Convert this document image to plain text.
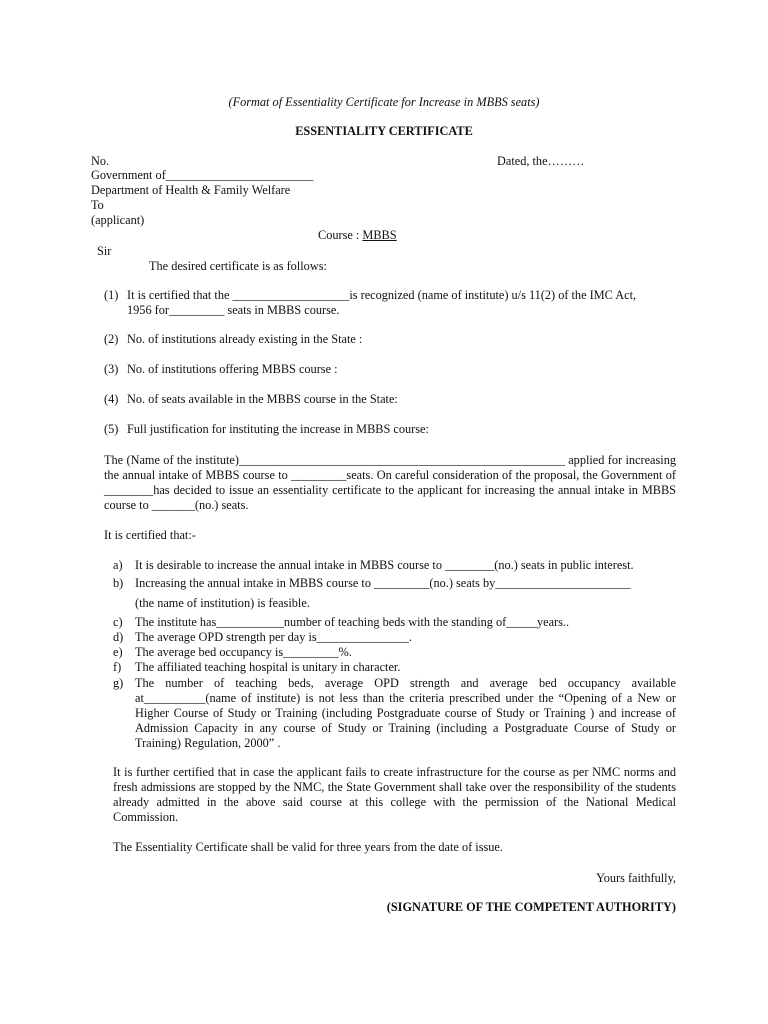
(Format of Essentiality Certificate for Increase in MBBS seats)
ESSENTIALITY CERTIFICATE
No.	Dated, the………
Government of________________________
Department of Health & Family Welfare
To
(applicant)
Course : MBBS
Sir
The desired certificate is as follows:
(1) It is certified that the ___________________is recognized (name of institute) u/s 11(2) of the IMC Act,
1956 for_________ seats in MBBS course.
(2) No. of institutions already existing in the State :
(3) No. of institutions offering MBBS course :
(4) No. of seats available in the MBBS course in the State:
(5) Full justification for instituting the increase in MBBS course:
The (Name of the institute)_____________________________________________________ applied for increasing the annual intake of MBBS course to _________seats. On careful consideration of the proposal, the Government of ________has decided to issue an essentiality certificate to the applicant for increasing the annual intake in MBBS course to _______(no.) seats.
It is certified that:-
a)	It is desirable to increase the annual intake in MBBS course to ________(no.) seats in public interest.
b) Increasing the annual intake in MBBS course to _________(no.) seats by______________________
(the name of institution) is feasible.
c)	The institute has___________number of teaching beds with the standing of_____years..
d) The average OPD strength per day is_______________.
e)	The average bed occupancy is_________%.
f)	The affiliated teaching hospital is unitary in character.
g) The number of teaching beds, average OPD strength and average bed occupancy available at__________(name of institute) is not less than the criteria prescribed under the “Opening of a New or Higher Course of Study or Training (including Postgraduate course of Study or Training ) and increase of Admission Capacity in any course of Study or Training (including a Postgraduate Course of Study or Training) Regulation, 2000” .
It is further certified that in case the applicant fails to create infrastructure for the course as per NMC norms and fresh admissions are stopped by the NMC, the State Government shall take over the responsibility of the students already admitted in the above said course at this college with the permission of the National Medical Commission.
The Essentiality Certificate shall be valid for three years from the date of issue.
Yours faithfully,
(SIGNATURE OF THE COMPETENT AUTHORITY)
